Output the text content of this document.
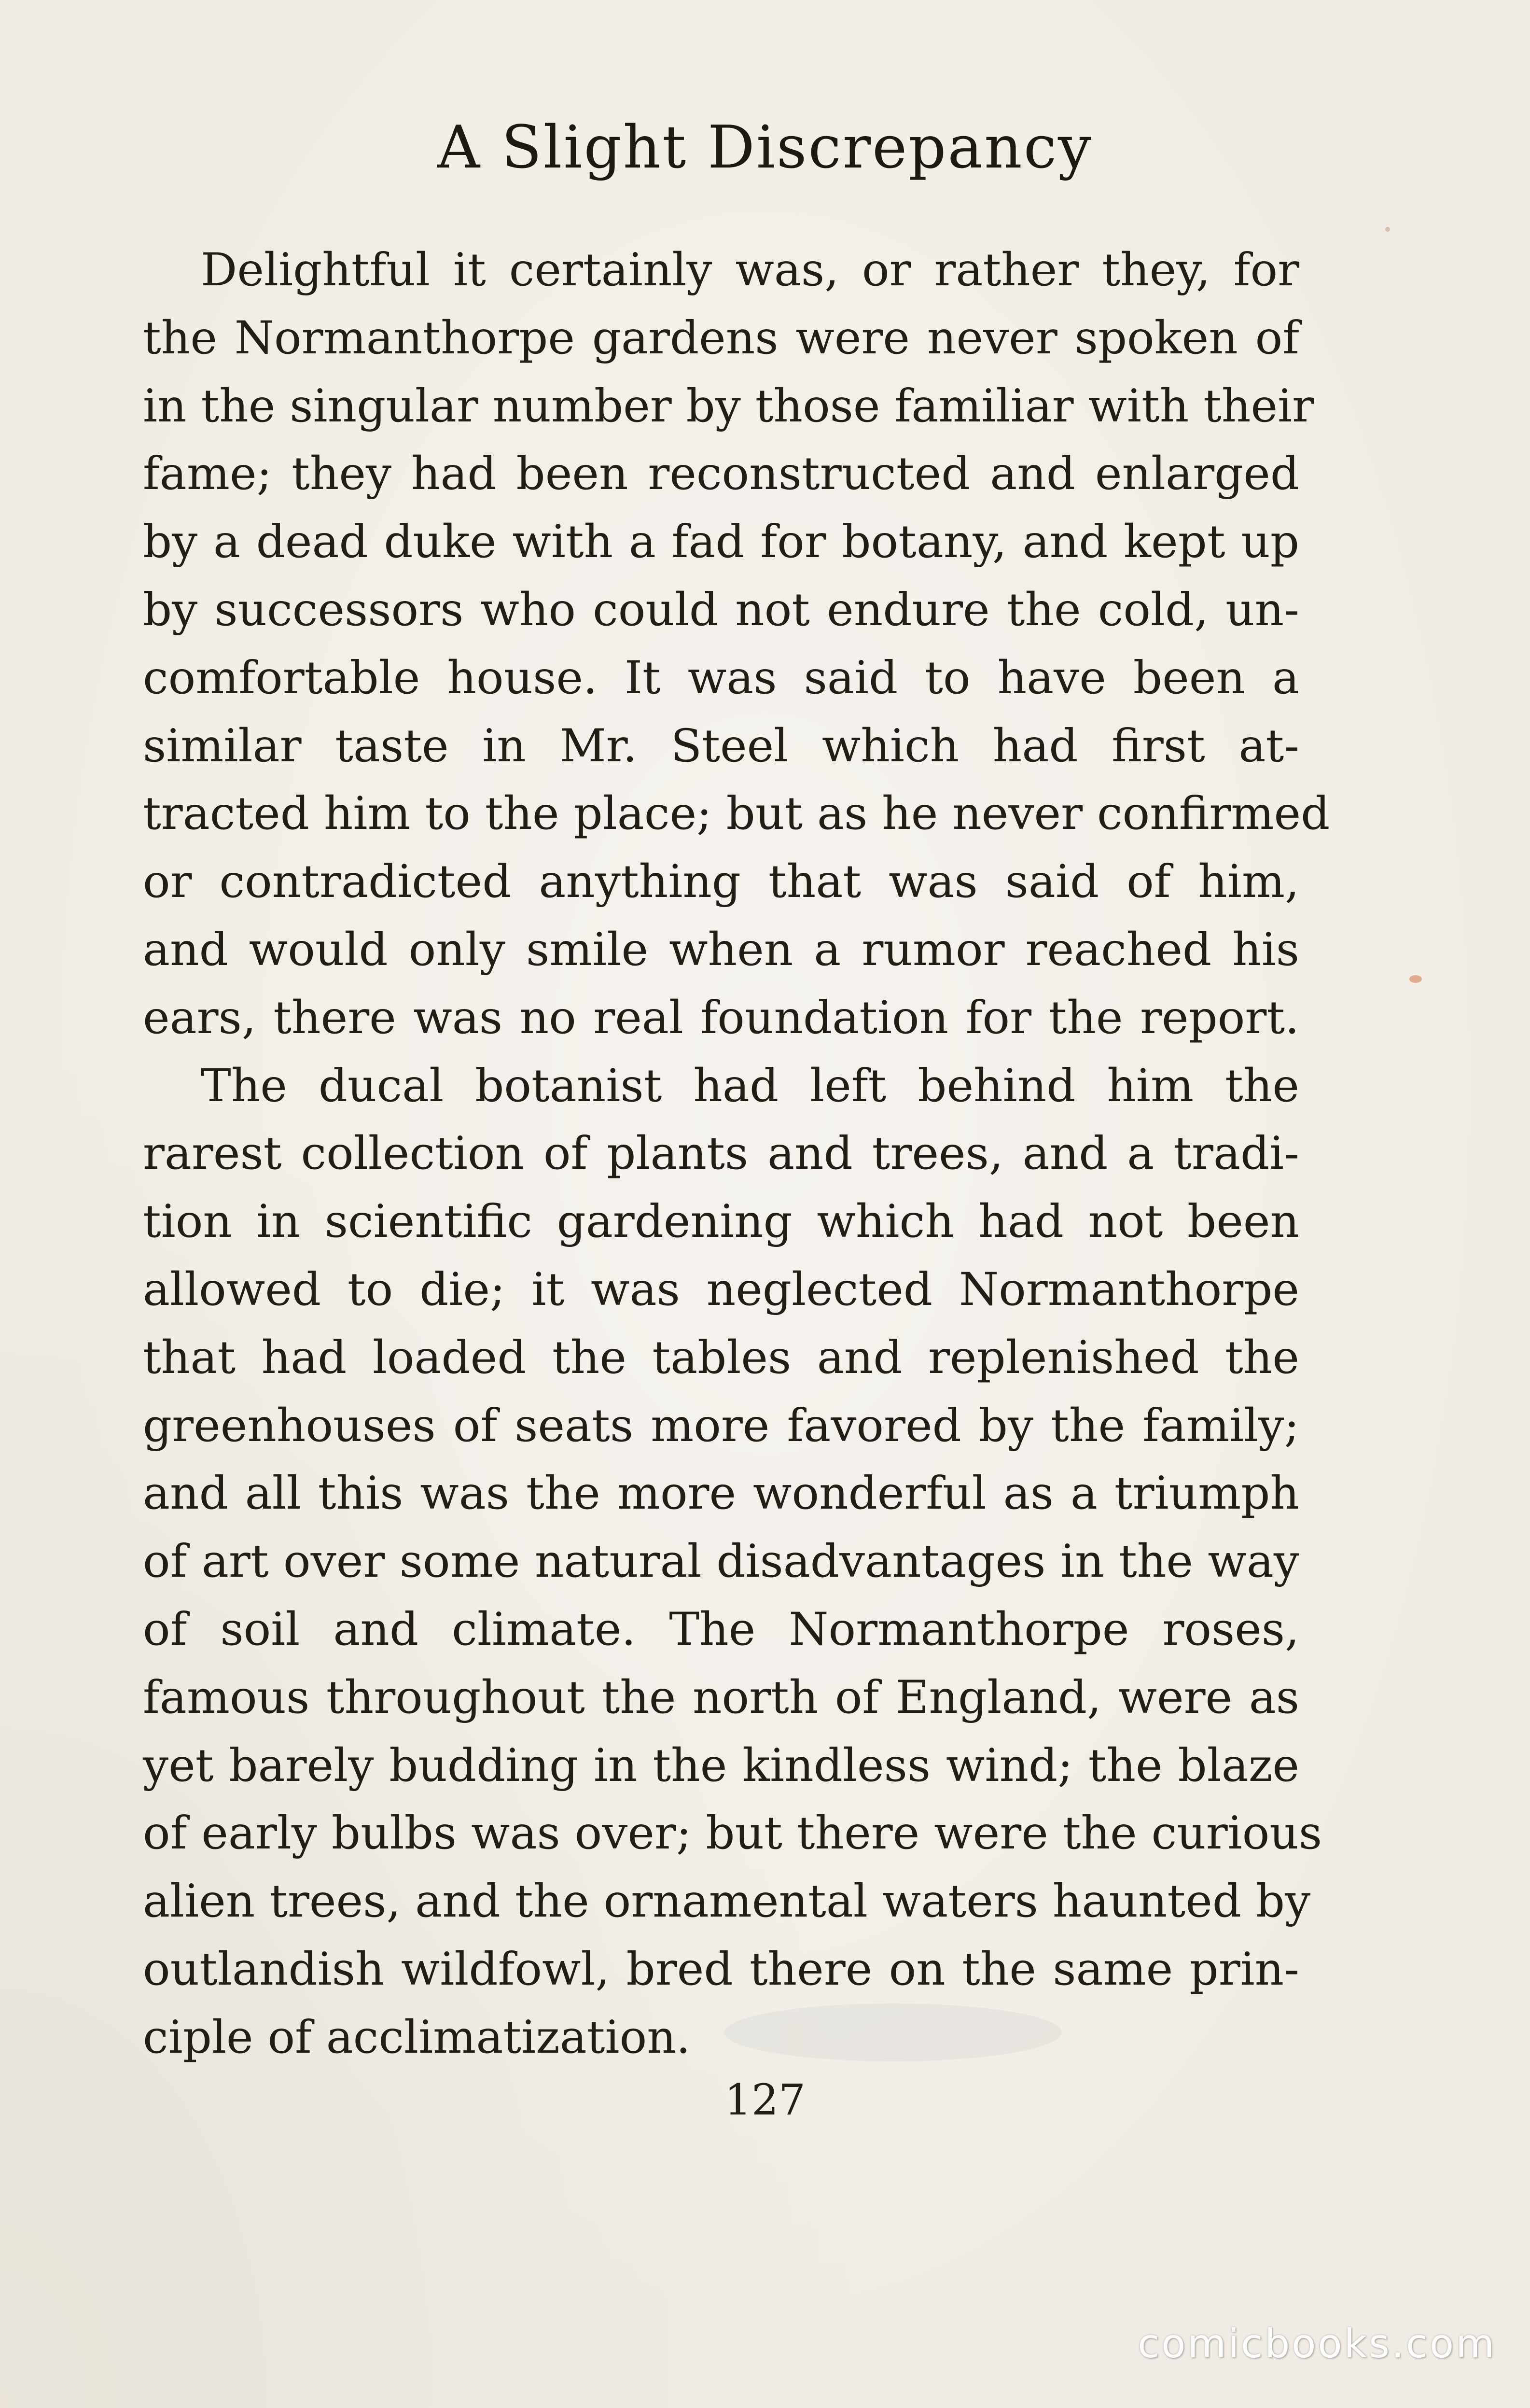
A Slight Discrepancy
Delightful it certainly was, or rather they, for
the Normanthorpe gardens were never spoken of
in the singular number by those familiar with their
fame; they had been reconstructed and enlarged
by a dead duke with a fad for botany, and kept up
by successors who could not endure the cold, un-
comfortable house. It was said to have been a
similar taste in Mr. Steel which had first at-
tracted him to the place; but as he never confirmed
or contradicted anything that was said of him,
and would only smile when a rumor reached his
ears, there was no real foundation for the report.
The ducal botanist had left behind him the
rarest collection of plants and trees, and a tradi-
tion in scientific gardening which had not been
allowed to die; it was neglected Normanthorpe
that had loaded the tables and replenished the
greenhouses of seats more favored by the family;
and all this was the more wonderful as a triumph
of art over some natural disadvantages in the way
of soil and climate. The Normanthorpe roses,
famous throughout the north of England, were as
yet barely budding in the kindless wind; the blaze
of early bulbs was over; but there were the curious
alien trees, and the ornamental waters haunted by
outlandish wildfowl, bred there on the same prin-
ciple of acclimatization.
127
comicbooks.com
